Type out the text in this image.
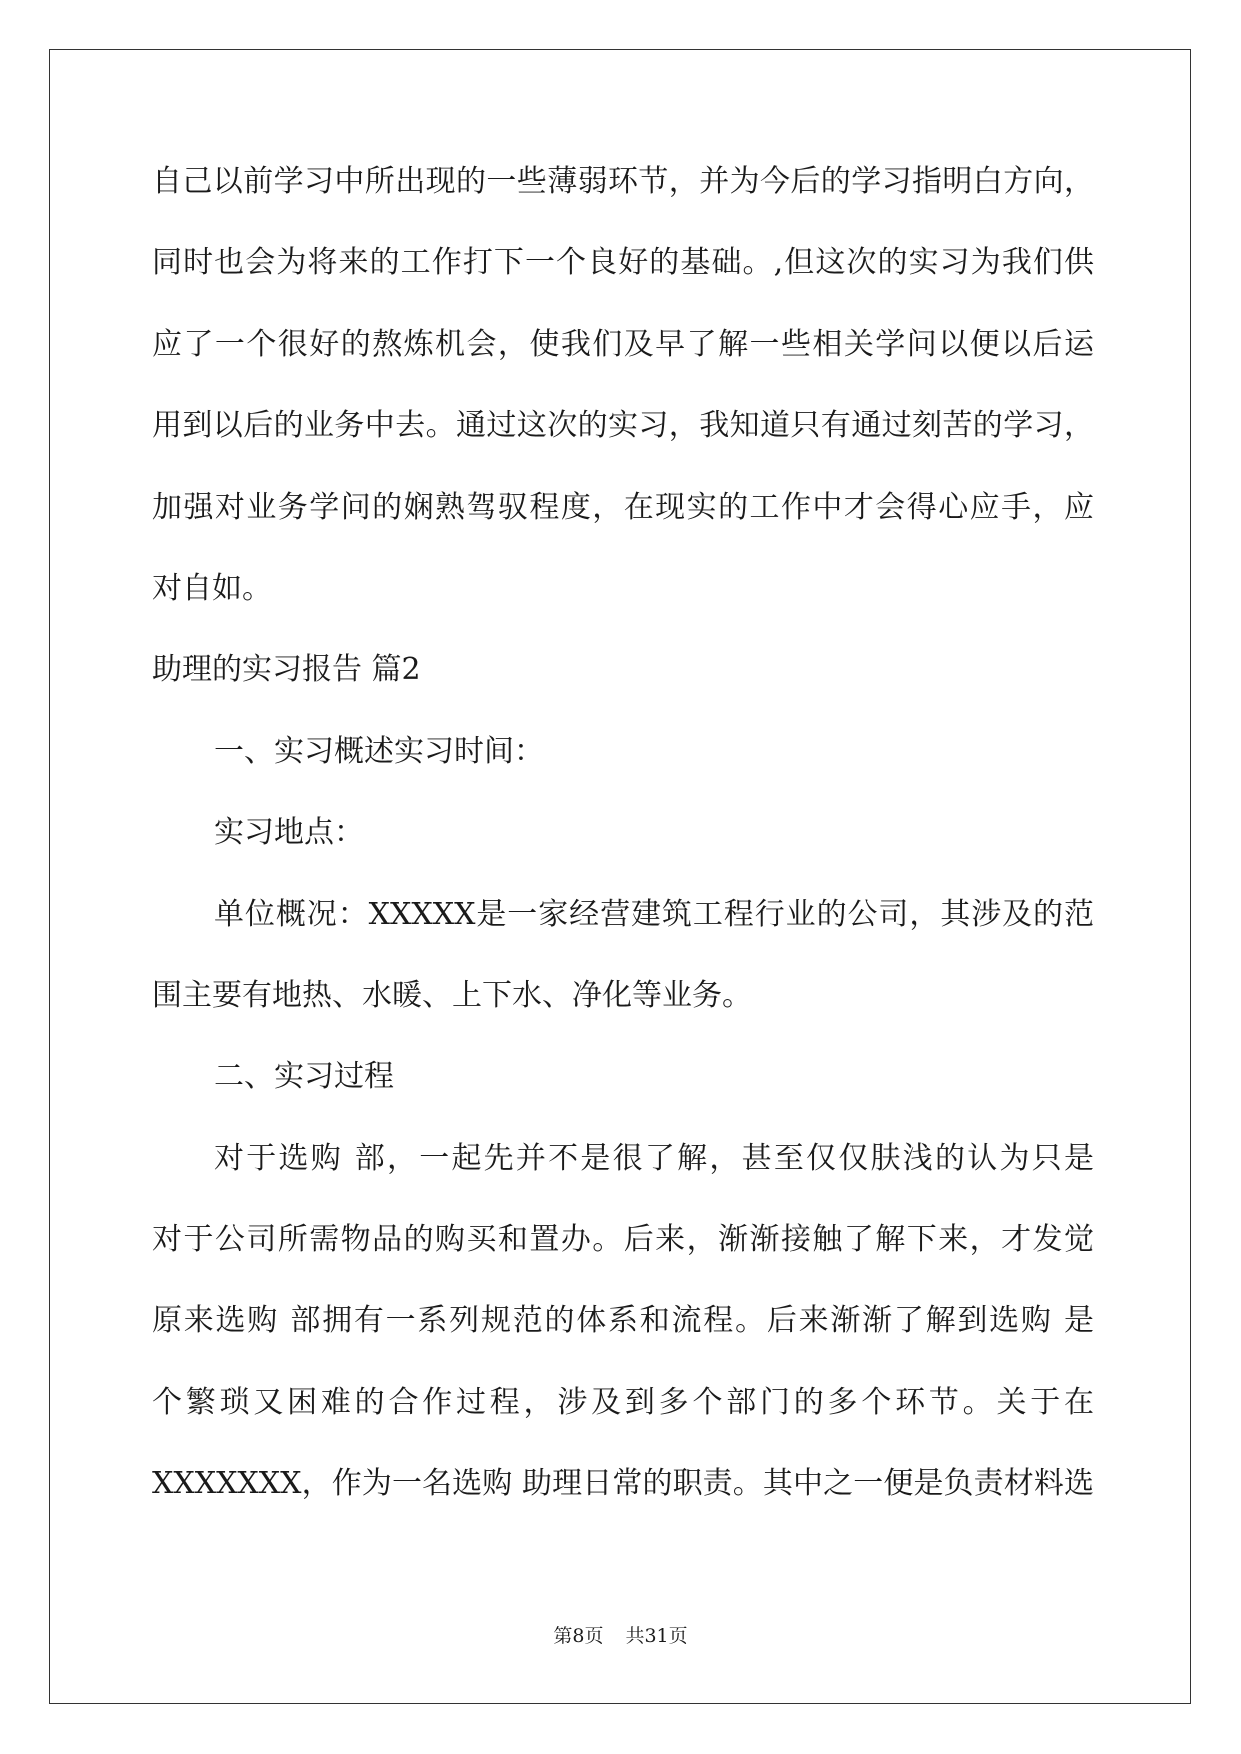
自己以前学习中所出现的一些薄弱环节，并为今后的学习指明白方向，
同时也会为将来的工作打下一个良好的基础。,但这次的实习为我们供
应了一个很好的熬炼机会，使我们及早了解一些相关学问以便以后运
用到以后的业务中去。通过这次的实习，我知道只有通过刻苦的学习，
加强对业务学问的娴熟驾驭程度，在现实的工作中才会得心应手，应
对自如。
助理的实习报告 篇2
一、实习概述实习时间：
实习地点：
单位概况：XXXXX是一家经营建筑工程行业的公司，其涉及的范
围主要有地热、水暖、上下水、净化等业务。
二、实习过程
对于选购 部，一起先并不是很了解，甚至仅仅肤浅的认为只是
对于公司所需物品的购买和置办。后来，渐渐接触了解下来，才发觉
原来选购 部拥有一系列规范的体系和流程。后来渐渐了解到选购 是
个繁琐又困难的合作过程，涉及到多个部门的多个环节。关于在
XXXXXXX，作为一名选购 助理日常的职责。其中之一便是负责材料选
第8页 共31页
